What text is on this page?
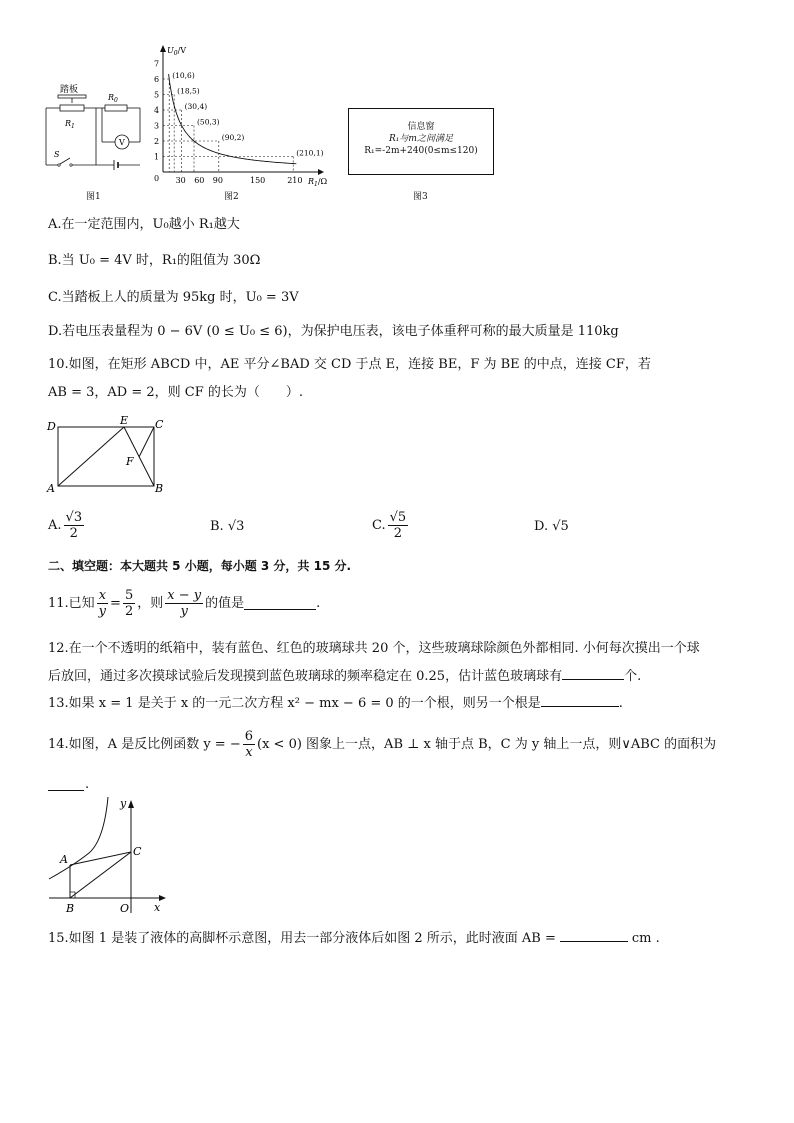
踏板
$R_1$
$R_0$
V
S
图1
$U_0/V$
$R_1/\Omega$
1
2
3
4
5
6
7
0 30 60 90	150	210
(10,6)
(18,5)
(30,4)
(50,3)
(90,2)
(210,1)
图2
信息窗
R₁与m之间满足
R₁=-2m+240(0≤m≤120)
图3
A.在一定范围内，U₀越小 R₁越大
B.当 U₀ = 4V 时，R₁的阻值为 30Ω
C.当踏板上人的质量为 95kg 时，U₀ = 3V
D.若电压表量程为 0 − 6V (0 ≤ U₀ ≤ 6)，为保护电压表，该电子体重秤可称的最大质量是 110kg
10.如图，在矩形 ABCD 中，AE 平分∠BAD 交 CD 于点 E，连接 BE，F 为 BE 的中点，连接 CF，若
AB = 3，AD = 2，则 CF 的长为（　　）.
D	E C
F
A	B
A. $\frac{√3}{2}$	B. √3	C. $\frac{√5}{2}$	D. √5
二、填空题：本大题共 5 小题，每小题 3 分，共 15 分.
11.已知 $\frac{x}{y} = \frac{5}{2}$ ，则 $\frac{x - y}{y}$ 的值是	.
12.在一个不透明的纸箱中，装有蓝色、红色的玻璃球共 20 个，这些玻璃球除颜色外都相同. 小何每次摸出一个球
后放回，通过多次摸球试验后发现摸到蓝色玻璃球的频率稳定在 0.25，估计蓝色玻璃球有	个.
13.如果 x = 1 是关于 x 的一元二次方程 x² − mx − 6 = 0 的一个根，则另一个根是	.
14.如图，A 是反比例函数 y = − $\frac{6}{x} (x < 0)$ 图象上一点，AB ⊥ x 轴于点 B，C 为 y 轴上一点，则∨ABC 的面积为
.
y
A
C
B	O x
15.如图 1 是装了液体的高脚杯示意图，用去一部分液体后如图 2 所示，此时液面 AB =	cm .
